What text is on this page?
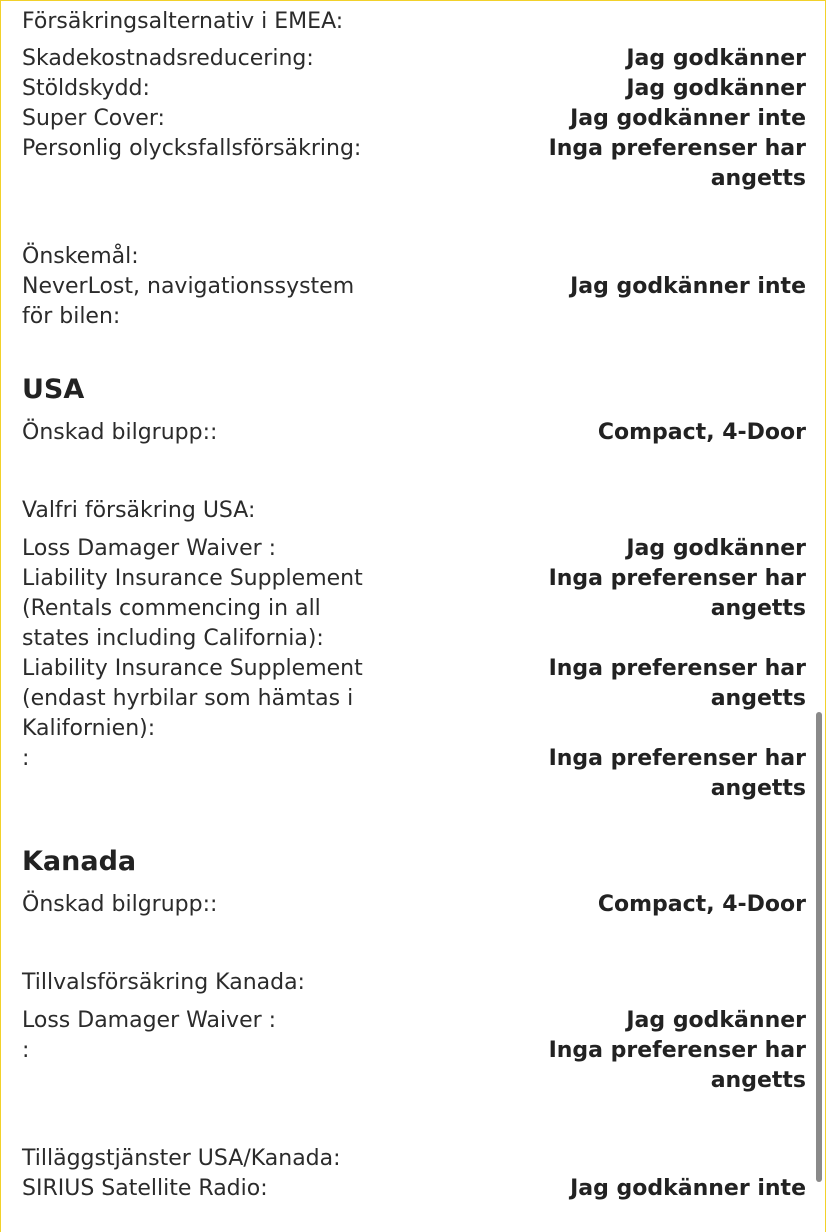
Försäkringsalternativ i EMEA:
Skadekostnadsreducering:	Jag godkänner
Stöldskydd:	Jag godkänner
Super Cover:	Jag godkänner inte
Personlig olycksfallsförsäkring:	Inga preferenser har
angetts
Önskemål:
NeverLost, navigationssystem	Jag godkänner inte
för bilen:
USA
Önskad bilgrupp::	Compact, 4-Door
Valfri försäkring USA:
Loss Damager Waiver :	Jag godkänner
Liability Insurance Supplement	Inga preferenser har
(Rentals commencing in all	angetts
states including California):
Liability Insurance Supplement	Inga preferenser har
(endast hyrbilar som hämtas i	angetts
Kalifornien):
:	Inga preferenser har
angetts
Kanada
Önskad bilgrupp::	Compact, 4-Door
Tillvalsförsäkring Kanada:
Loss Damager Waiver :	Jag godkänner
:	Inga preferenser har
angetts
Tilläggstjänster USA/Kanada:
SIRIUS Satellite Radio:	Jag godkänner inte
